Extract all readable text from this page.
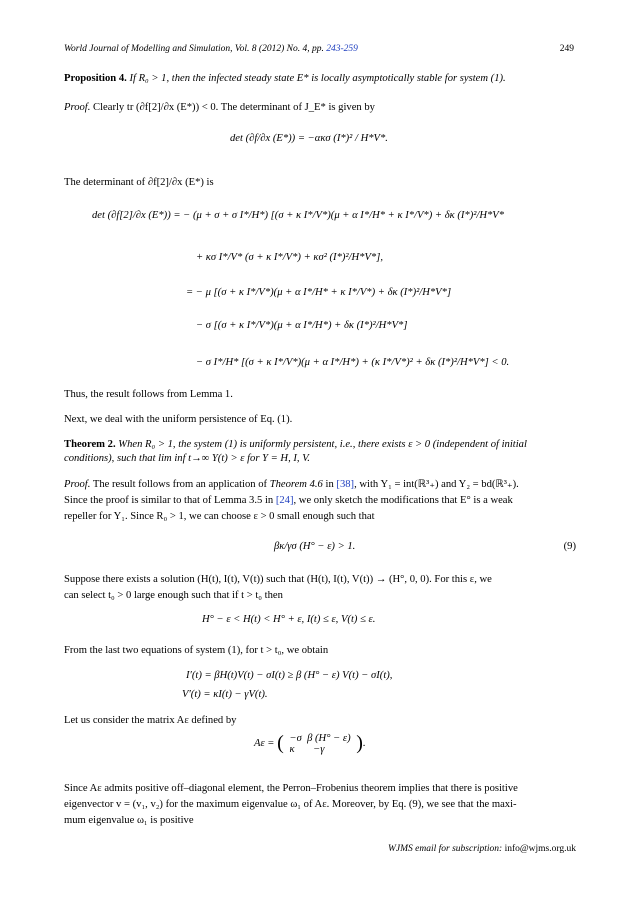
World Journal of Modelling and Simulation, Vol. 8 (2012) No. 4, pp. 243-259	249
Proposition 4. If R₀ > 1, then the infected steady state E* is locally asymptotically stable for system (1).
Proof. Clearly tr (∂f[2]/∂x (E*)) < 0. The determinant of J_E* is given by
det (∂f/∂x (E*)) = −ακσ (I*)² / H*V*.
The determinant of ∂f[2]/∂x (E*) is
det (∂f[2]/∂x (E*)) = − (μ + σ + σ I*/H*) [(σ + κ I*/V*)(μ + α I*/H* + κ I*/V*) + δκ (I*)²/H*V*
+ κσ I*/V* (σ + κ I*/V*) + κσ² (I*)²/H*V*],
= − μ [(σ + κ I*/V*)(μ + α I*/H* + κ I*/V*) + δκ (I*)²/H*V*]
− σ [(σ + κ I*/V*)(μ + α I*/H*) + δκ (I*)²/H*V*]
− σ I*/H* [(σ + κ I*/V*)(μ + α I*/H*) + (κ I*/V*)² + δκ (I*)²/H*V*] < 0.
Thus, the result follows from Lemma 1.
Next, we deal with the uniform persistence of Eq. (1).
Theorem 2. When R₀ > 1, the system (1) is uniformly persistent, i.e., there exists ε > 0 (independent of initial conditions), such that lim inf t→∞ Y(t) > ε for Y = H, I, V.
Proof. The result follows from an application of Theorem 4.6 in [38], with Y₁ = int(ℝ³₊) and Y₂ = bd(ℝ³₊).
Since the proof is similar to that of Lemma 3.5 in [24], we only sketch the modifications that E° is a weak
repeller for Y₁. Since R₀ > 1, we can choose ε > 0 small enough such that
βκ/γσ (H° − ε) > 1.	(9)
Suppose there exists a solution (H(t), I(t), V(t)) such that (H(t), I(t), V(t)) → (H°, 0, 0). For this ε, we
can select t₀ > 0 large enough such that if t > t₀ then
H° − ε < H(t) < H° + ε, I(t) ≤ ε, V(t) ≤ ε.
From the last two equations of system (1), for t > t₀, we obtain
I′(t) = βH(t)V(t) − σI(t) ≥ β (H° − ε) V(t) − σI(t),
V′(t) = κI(t) − γV(t).
Let us consider the matrix Aε defined by
Aε = ( −σ β (H° − ε)
κ −γ	).
Since Aε admits positive off–diagonal element, the Perron–Frobenius theorem implies that there is positive
eigenvector v = (v₁, v₂) for the maximum eigenvalue ω₁ of Aε. Moreover, by Eq. (9), we see that the maxi-
mum eigenvalue ω₁ is positive
WJMS email for subscription: info@wjms.org.uk
